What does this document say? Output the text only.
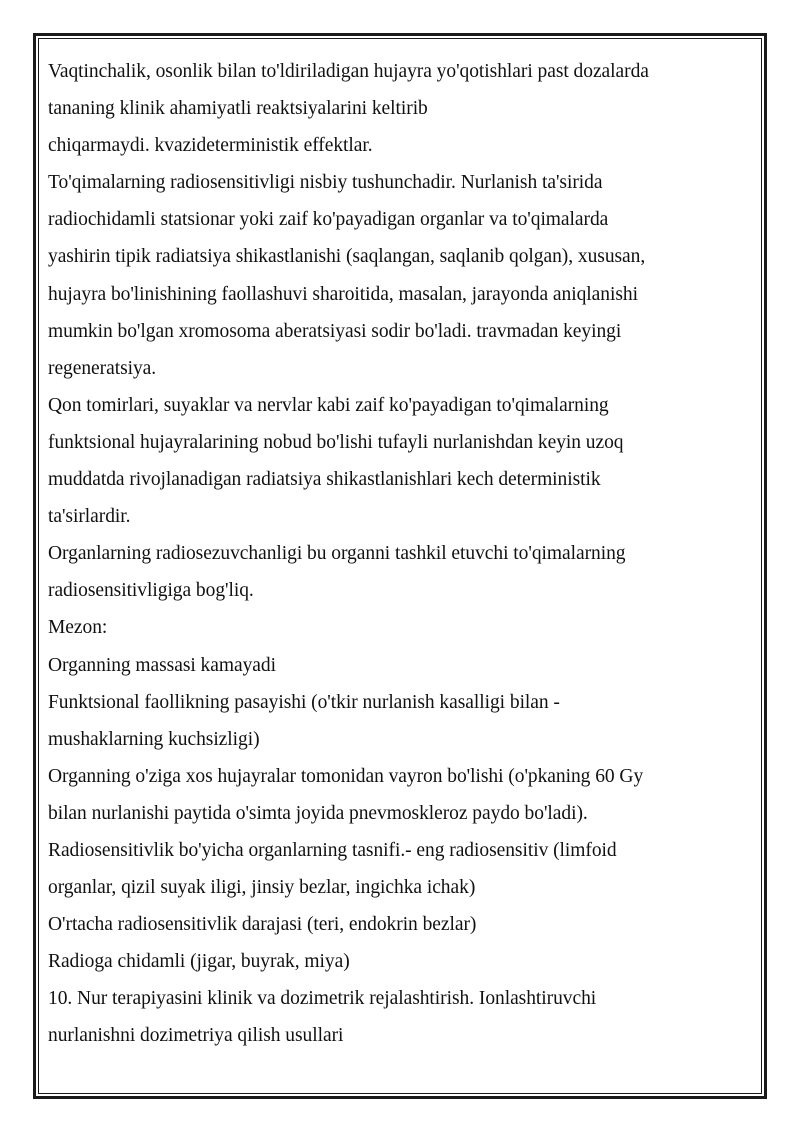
Vaqtinchalik, osonlik bilan to'ldiriladigan hujayra yo'qotishlari past dozalarda
tananing klinik ahamiyatli reaktsiyalarini keltirib
chiqarmaydi. kvazideterministik effektlar.
To'qimalarning radiosensitivligi nisbiy tushunchadir. Nurlanish ta'sirida
radiochidamli statsionar yoki zaif ko'payadigan organlar va to'qimalarda
yashirin tipik radiatsiya shikastlanishi (saqlangan, saqlanib qolgan), xususan,
hujayra bo'linishining faollashuvi sharoitida, masalan, jarayonda aniqlanishi
mumkin bo'lgan xromosoma aberatsiyasi sodir bo'ladi. travmadan keyingi
regeneratsiya.
Qon tomirlari, suyaklar va nervlar kabi zaif ko'payadigan to'qimalarning
funktsional hujayralarining nobud bo'lishi tufayli nurlanishdan keyin uzoq
muddatda rivojlanadigan radiatsiya shikastlanishlari kech deterministik
ta'sirlardir.
Organlarning radiosezuvchanligi bu organni tashkil etuvchi to'qimalarning
radiosensitivligiga bog'liq.
Mezon:
Organning massasi kamayadi
Funktsional faollikning pasayishi (o'tkir nurlanish kasalligi bilan -
mushaklarning kuchsizligi)
Organning o'ziga xos hujayralar tomonidan vayron bo'lishi (o'pkaning 60 Gy
bilan nurlanishi paytida o'simta joyida pnevmoskleroz paydo bo'ladi).
Radiosensitivlik bo'yicha organlarning tasnifi.- eng radiosensitiv (limfoid
organlar, qizil suyak iligi, jinsiy bezlar, ingichka ichak)
O'rtacha radiosensitivlik darajasi (teri, endokrin bezlar)
Radioga chidamli (jigar, buyrak, miya)
10. Nur terapiyasini klinik va dozimetrik rejalashtirish. Ionlashtiruvchi
nurlanishni dozimetriya qilish usullari
